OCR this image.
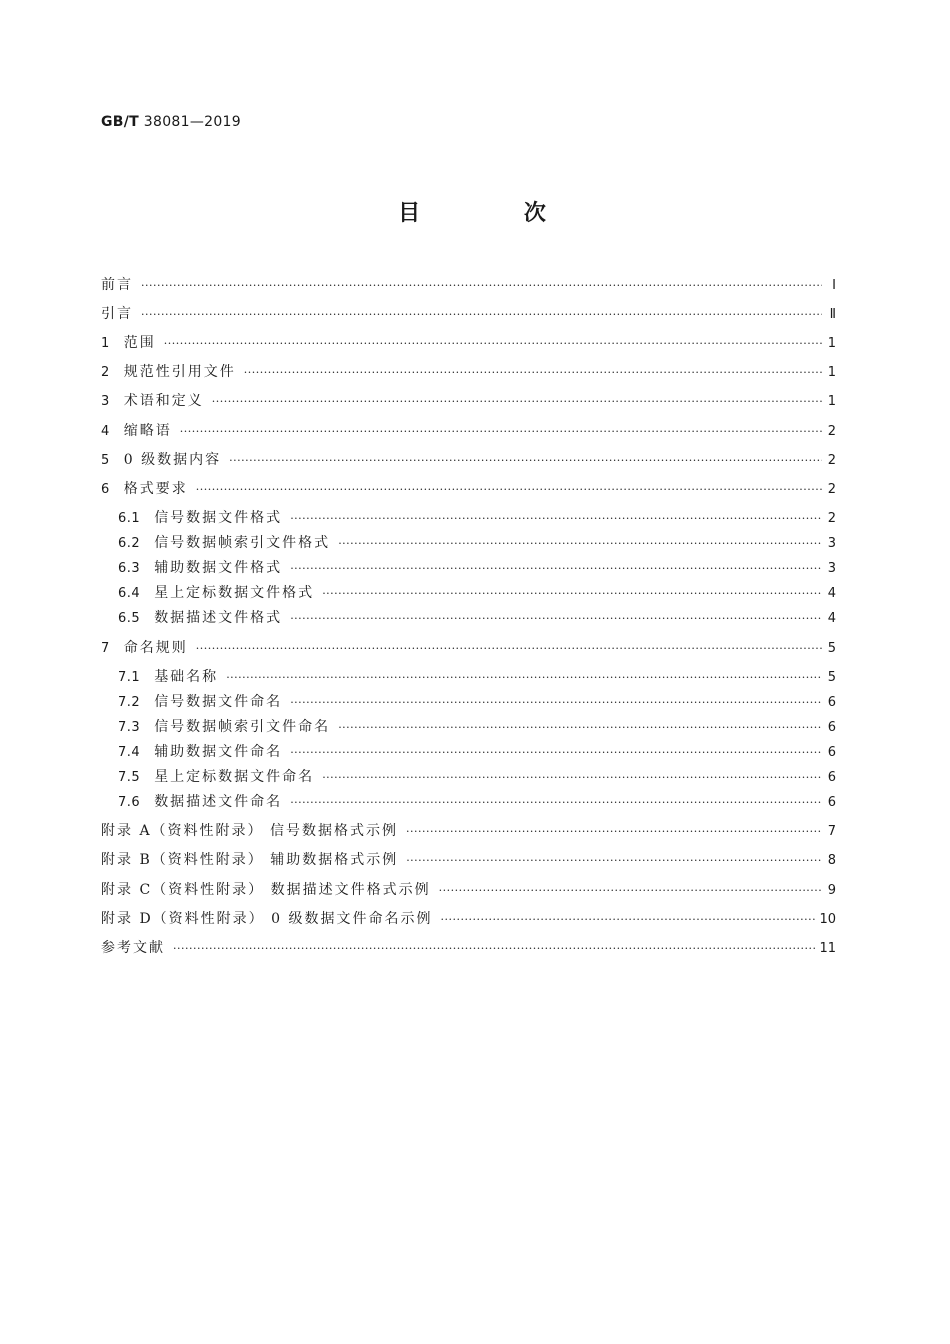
GB/T 38081—2019
目 次
前言 ·····	Ⅰ
引言 ·····	Ⅱ
1 范围 ·····	1
2 规范性引用文件 ·····	1
3 术语和定义 ·····	1
4 缩略语 ·····	2
5 0 级数据内容 ·····	2
6 格式要求 ·····	2
6.1 信号数据文件格式 ·····	2
6.2 信号数据帧索引文件格式 ·····	3
6.3 辅助数据文件格式 ·····	3
6.4 星上定标数据文件格式 ·····	4
6.5 数据描述文件格式 ·····	4
7 命名规则 ·····	5
7.1 基础名称 ·····	5
7.2 信号数据文件命名 ·····	6
7.3 信号数据帧索引文件命名 ·····	6
7.4 辅助数据文件命名 ·····	6
7.5 星上定标数据文件命名 ·····	6
7.6 数据描述文件命名 ·····	6
附录 A（资料性附录） 信号数据格式示例 ·····	7
附录 B（资料性附录） 辅助数据格式示例 ·····	8
附录 C（资料性附录） 数据描述文件格式示例 ·····	9
附录 D（资料性附录） 0 级数据文件命名示例 ·····	10
参考文献 ·····	11
